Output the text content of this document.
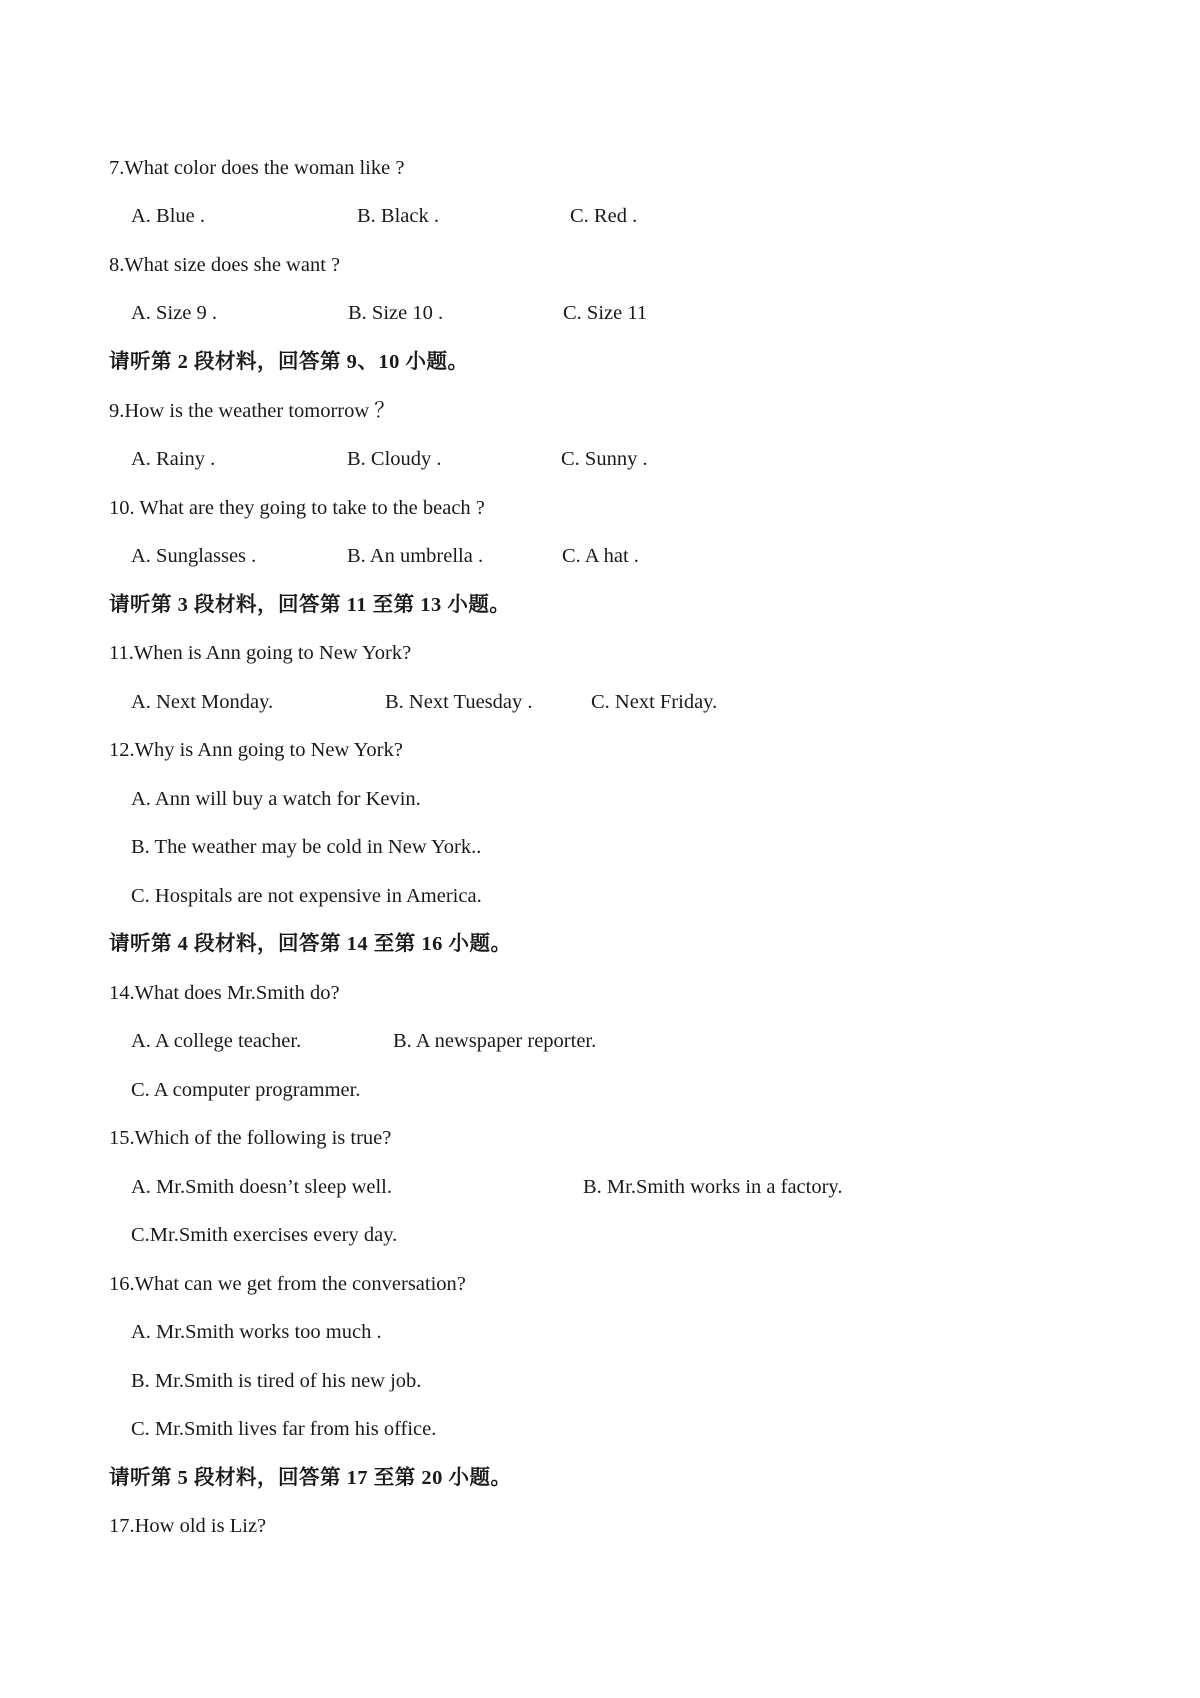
7.What color does the woman like ?
A. Blue .	B. Black .	C. Red .
8.What size does she want ?
A. Size 9 .	B. Size 10 .	C. Size 11
请听第 2 段材料，回答第 9、10 小题。
9.How is the weather tomorrow ？
A. Rainy .	B. Cloudy .	C. Sunny .
10. What are they going to take to the beach ?
A. Sunglasses .	B. An umbrella .	C. A hat .
请听第 3 段材料，回答第 11 至第 13 小题。
11.When is Ann going to New York?
A. Next Monday.	B. Next Tuesday .	C. Next Friday.
12.Why is Ann going to New York?
A. Ann will buy a watch for Kevin.
B. The weather may be cold in New York..
C. Hospitals are not expensive in America.
请听第 4 段材料，回答第 14 至第 16 小题。
14.What does Mr.Smith do?
A. A college teacher.	B. A newspaper reporter.
C. A computer programmer.
15.Which of the following is true?
A. Mr.Smith doesn’t sleep well.	B. Mr.Smith works in a factory.
C.Mr.Smith exercises every day.
16.What can we get from the conversation?
A. Mr.Smith works too much .
B. Mr.Smith is tired of his new job.
C. Mr.Smith lives far from his office.
请听第 5 段材料，回答第 17 至第 20 小题。
17.How old is Liz?
